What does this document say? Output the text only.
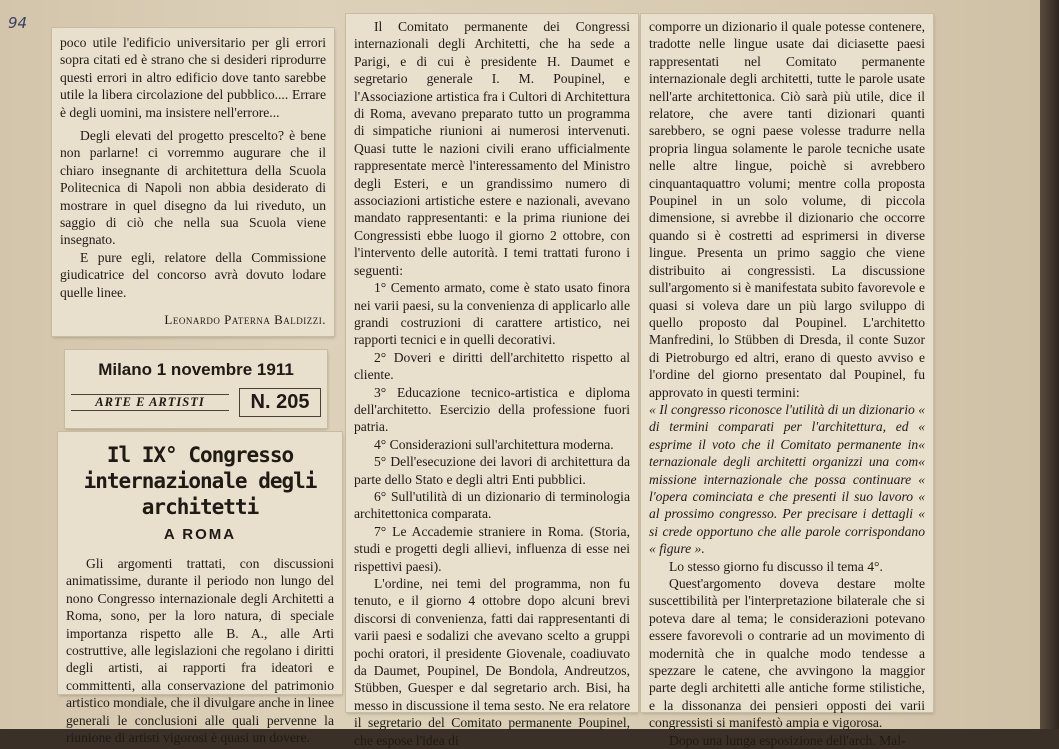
94

poco utile l'edificio universitario per gli errori sopra citati ed è strano che si desideri riprodurre questi errori in altro edificio dove tanto sarebbe utile la libera circolazione del pubblico.... Errare è degli uomini, ma insistere nell'errore...

Degli elevati del progetto prescelto? è bene non parlarne! ci vorremmo augurare che il chiaro insegnante di architettura della Scuola Politecnica di Napoli non abbia desiderato di mostrare in quel disegno da lui riveduto, un saggio di ciò che nella sua Scuola viene insegnato.

E pure egli, relatore della Commissione giudicatrice del concorso avrà dovuto lodare quelle linee.

Leonardo Paterna Baldizzi.

Milano 1 novembre 1911
ARTE E ARTISTI	N. 205
Il IX° Congresso internazionale degli architetti
A ROMA

Gli argomenti trattati, con discussioni animatissime, durante il periodo non lungo del nono Congresso internazionale degli Architetti a Roma, sono, per la loro natura, di speciale importanza rispetto alle B. A., alle Arti costruttive, alle legislazioni che regolano i diritti degli artisti, ai rapporti fra ideatori e committenti, alla conservazione del patrimonio artistico mondiale, che il divulgare anche in linee generali le conclusioni alle quali pervenne la riunione di artisti vigorosi è quasi un dovere.

Il Comitato permanente dei Congressi internazionali degli Architetti, che ha sede a Parigi, e di cui è presidente H. Daumet e segretario generale I. M. Poupinel, e l'Associazione artistica fra i Cultori di Architettura di Roma, avevano preparato tutto un programma di simpatiche riunioni ai numerosi intervenuti. Quasi tutte le nazioni civili erano ufficialmente rappresentate mercè l'interessamento del Ministro degli Esteri, e un grandissimo numero di associazioni artistiche estere e nazionali, avevano mandato rappresentanti: e la prima riunione dei Congressisti ebbe luogo il giorno 2 ottobre, con l'intervento delle autorità. I temi trattati furono i seguenti:

1° Cemento armato, come è stato usato finora nei varii paesi, su la convenienza di applicarlo alle grandi costruzioni di carattere artistico, nei rapporti tecnici e in quelli decorativi.

2° Doveri e diritti dell'architetto rispetto al cliente.

3° Educazione tecnico-artistica e diploma dell'architetto. Esercizio della professione fuori patria.

4° Considerazioni sull'architettura moderna.

5° Dell'esecuzione dei lavori di architettura da parte dello Stato e degli altri Enti pubblici.

6° Sull'utilità di un dizionario di terminologia architettonica comparata.

7° Le Accademie straniere in Roma. (Storia, studi e progetti degli allievi, influenza di esse nei rispettivi paesi).

L'ordine, nei temi del programma, non fu tenuto, e il giorno 4 ottobre dopo alcuni brevi discorsi di convenienza, fatti dai rappresentanti di varii paesi e sodalizi che avevano scelto a gruppi pochi oratori, il presidente Giovenale, coadiuvato da Daumet, Poupinel, De Bondola, Andreutzos, Stübben, Guesper e dal segretario arch. Bisi, ha messo in discussione il tema sesto. Ne era relatore il segretario del Comitato permanente Poupinel, che espose l'idea di

comporre un dizionario il quale potesse contenere, tradotte nelle lingue usate dai diciasette paesi rappresentati nel Comitato permanente internazionale degli architetti, tutte le parole usate nell'arte architettonica. Ciò sarà più utile, dice il relatore, che avere tanti dizionari quanti sarebbero, se ogni paese volesse tradurre nella propria lingua solamente le parole tecniche usate nelle altre lingue, poichè si avrebbero cinquantaquattro volumi; mentre colla proposta Poupinel in un solo volume, di piccola dimensione, si avrebbe il dizionario che occorre quando si è costretti ad esprimersi in diverse lingue. Presenta un primo saggio che viene distribuito ai congressisti. La discussione sull'argomento si è manifestata subito favorevole e quasi si voleva dare un più largo sviluppo di quello proposto dal Poupinel. L'architetto Manfredini, lo Stübben di Dresda, il conte Suzor di Pietroburgo ed altri, erano di questo avviso e l'ordine del giorno presentato dal Poupinel, fu approvato in questi termini:

« Il congresso riconosce l'utilità di un dizionario « di termini comparati per l'architettura, ed « esprime il voto che il Comitato permanente in« ternazionale degli architetti organizzi una com« missione internazionale che possa continuare « l'opera cominciata e che presenti il suo lavoro « al prossimo congresso. Per precisare i dettagli « si crede opportuno che alle parole corrispondano « figure ».

Lo stesso giorno fu discusso il tema 4°.

Quest'argomento doveva destare molte suscettibilità per l'interpretazione bilaterale che si poteva dare al tema; le considerazioni potevano essere favorevoli o contrarie ad un movimento di modernità che in qualche modo tendesse a spezzare le catene, che avvingono la maggior parte degli architetti alle antiche forme stilistiche, e la dissonanza dei pensieri opposti dei varii congressisti si manifestò ampia e vigorosa.

Dopo una lunga esposizione dell'arch. Mal-
